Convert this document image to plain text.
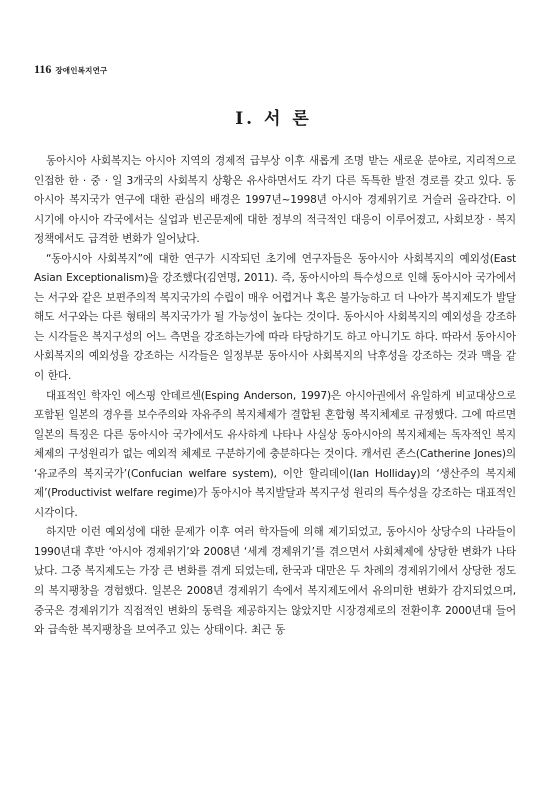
116 장애인복지연구
Ⅰ. 서 론

동아시아 사회복지는 아시아 지역의 경제적 급부상 이후 새롭게 조명 받는 새로운 분야로, 지리적으로 인접한 한 · 중 · 일 3개국의 사회복지 상황은 유사하면서도 각기 다른 독특한 발전 경로를 갖고 있다. 동아시아 복지국가 연구에 대한 관심의 배경은 1997년~1998년 아시아 경제위기로 거슬러 올라간다. 이 시기에 아시아 각국에서는 실업과 빈곤문제에 대한 정부의 적극적인 대응이 이루어졌고, 사회보장 · 복지정책에서도 급격한 변화가 일어났다.

“동아시아 사회복지”에 대한 연구가 시작되던 초기에 연구자들은 동아시아 사회복지의 예외성(East Asian Exceptionalism)을 강조했다(김연명, 2011). 즉, 동아시아의 특수성으로 인해 동아시아 국가에서는 서구와 같은 보편주의적 복지국가의 수립이 매우 어렵거나 혹은 불가능하고 더 나아가 복지제도가 발달해도 서구와는 다른 형태의 복지국가가 될 가능성이 높다는 것이다. 동아시아 사회복지의 예외성을 강조하는 시각들은 복지구성의 어느 측면을 강조하는가에 따라 타당하기도 하고 아니기도 하다. 따라서 동아시아 사회복지의 예외성을 강조하는 시각들은 일정부분 동아시아 사회복지의 낙후성을 강조하는 것과 맥을 같이 한다.

대표적인 학자인 에스핑 안데르센(Esping Anderson, 1997)은 아시아권에서 유일하게 비교대상으로 포함된 일본의 경우를 보수주의와 자유주의 복지체제가 결합된 혼합형 복지체제로 규정했다. 그에 따르면 일본의 특징은 다른 동아시아 국가에서도 유사하게 나타나 사실상 동아시아의 복지체제는 독자적인 복지체제의 구성원리가 없는 예외적 체제로 구분하기에 충분하다는 것이다. 캐서린 존스(Catherine Jones)의 ‘유교주의 복지국가’(Confucian welfare system), 이안 할리데이(Ian Holliday)의 ‘생산주의 복지체제’(Productivist welfare regime)가 동아시아 복지발달과 복지구성 원리의 특수성을 강조하는 대표적인 시각이다.

하지만 이런 예외성에 대한 문제가 이후 여러 학자들에 의해 제기되었고, 동아시아 상당수의 나라들이 1990년대 후반 ‘아시아 경제위기’와 2008년 ‘세계 경제위기’를 겪으면서 사회체제에 상당한 변화가 나타났다. 그중 복지제도는 가장 큰 변화를 겪게 되었는데, 한국과 대만은 두 차례의 경제위기에서 상당한 정도의 복지팽창을 경험했다. 일본은 2008년 경제위기 속에서 복지제도에서 유의미한 변화가 감지되었으며, 중국은 경제위기가 직접적인 변화의 동력을 제공하지는 않았지만 시장경제로의 전환이후 2000년대 들어와 급속한 복지팽창을 보여주고 있는 상태이다. 최근 동
